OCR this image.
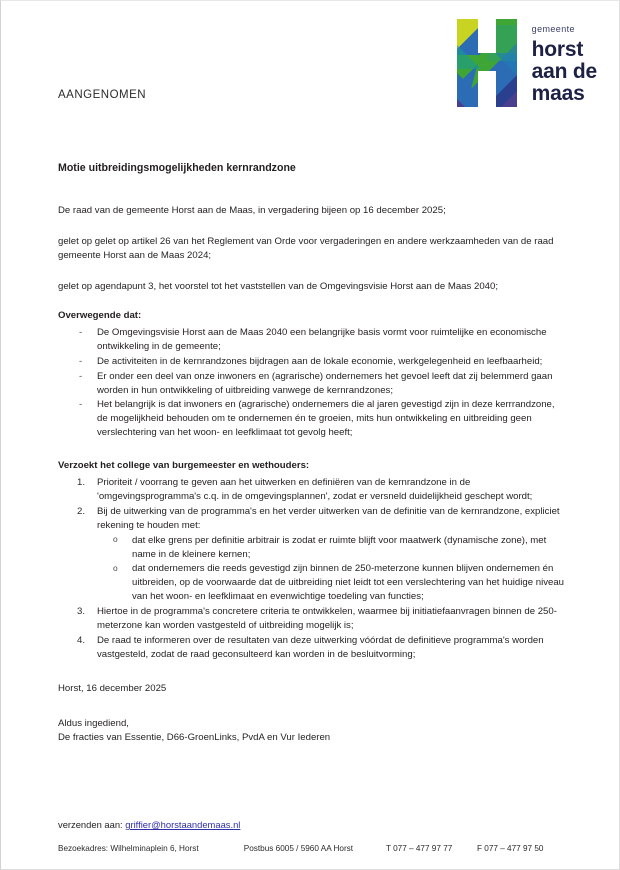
gemeente
horst
aan de
maas
AANGENOMEN
Motie uitbreidingsmogelijkheden kernrandzone

De raad van de gemeente Horst aan de Maas, in vergadering bijeen op 16 december 2025;

gelet op gelet op artikel 26 van het Reglement van Orde voor vergaderingen en andere werkzaamheden van de raad gemeente Horst aan de Maas 2024;

gelet op agendapunt 3, het voorstel tot het vaststellen van de Omgevingsvisie Horst aan de Maas 2040;

Overwegende dat:
- De Omgevingsvisie Horst aan de Maas 2040 een belangrijke basis vormt voor ruimtelijke en economische ontwikkeling in de gemeente;
- De activiteiten in de kernrandzones bijdragen aan de lokale economie, werkgelegenheid en leefbaarheid;
- Er onder een deel van onze inwoners en (agrarische) ondernemers het gevoel leeft dat zij belemmerd gaan worden in hun ontwikkeling of uitbreiding vanwege de kernrandzones;
- Het belangrijk is dat inwoners en (agrarische) ondernemers die al jaren gevestigd zijn in deze kerrrandzone, de mogelijkheid behouden om te ondernemen én te groeien, mits hun ontwikkeling en uitbreiding geen verslechtering van het woon- en leefklimaat tot gevolg heeft;
Verzoekt het college van burgemeester en wethouders:
Prioriteit / voorrang te geven aan het uitwerken en definiëren van de kernrandzone in de 'omgevingsprogramma's c.q. in de omgevingsplannen', zodat er versneld duidelijkheid geschept wordt;
Bij de uitwerking van de programma's en het verder uitwerken van de definitie van de kernrandzone, expliciet rekening te houden met:
o dat elke grens per definitie arbitrair is zodat er ruimte blijft voor maatwerk (dynamische zone), met name in de kleinere kernen;
o dat ondernemers die reeds gevestigd zijn binnen de 250-meterzone kunnen blijven ondernemen én uitbreiden, op de voorwaarde dat de uitbreiding niet leidt tot een verslechtering van het huidige niveau van het woon- en leefklimaat en evenwichtige toedeling van functies;
Hiertoe in de programma's concretere criteria te ontwikkelen, waarmee bij initiatiefaanvragen binnen de 250-meterzone kan worden vastgesteld of uitbreiding mogelijk is;
De raad te informeren over de resultaten van deze uitwerking vóórdat de definitieve programma's worden vastgesteld, zodat de raad geconsulteerd kan worden in de besluitvorming;

Horst, 16 december 2025

Aldus ingediend,

De fracties van Essentie, D66-GroenLinks, PvdA en Vur Iederen

verzenden aan: griffier@horstaandemaas.nl
Bezoekadres: Wilhelminaplein 6, Horst	Postbus 6005 / 5960 AA Horst	T 077 – 477 97 77	F 077 – 477 97 50
